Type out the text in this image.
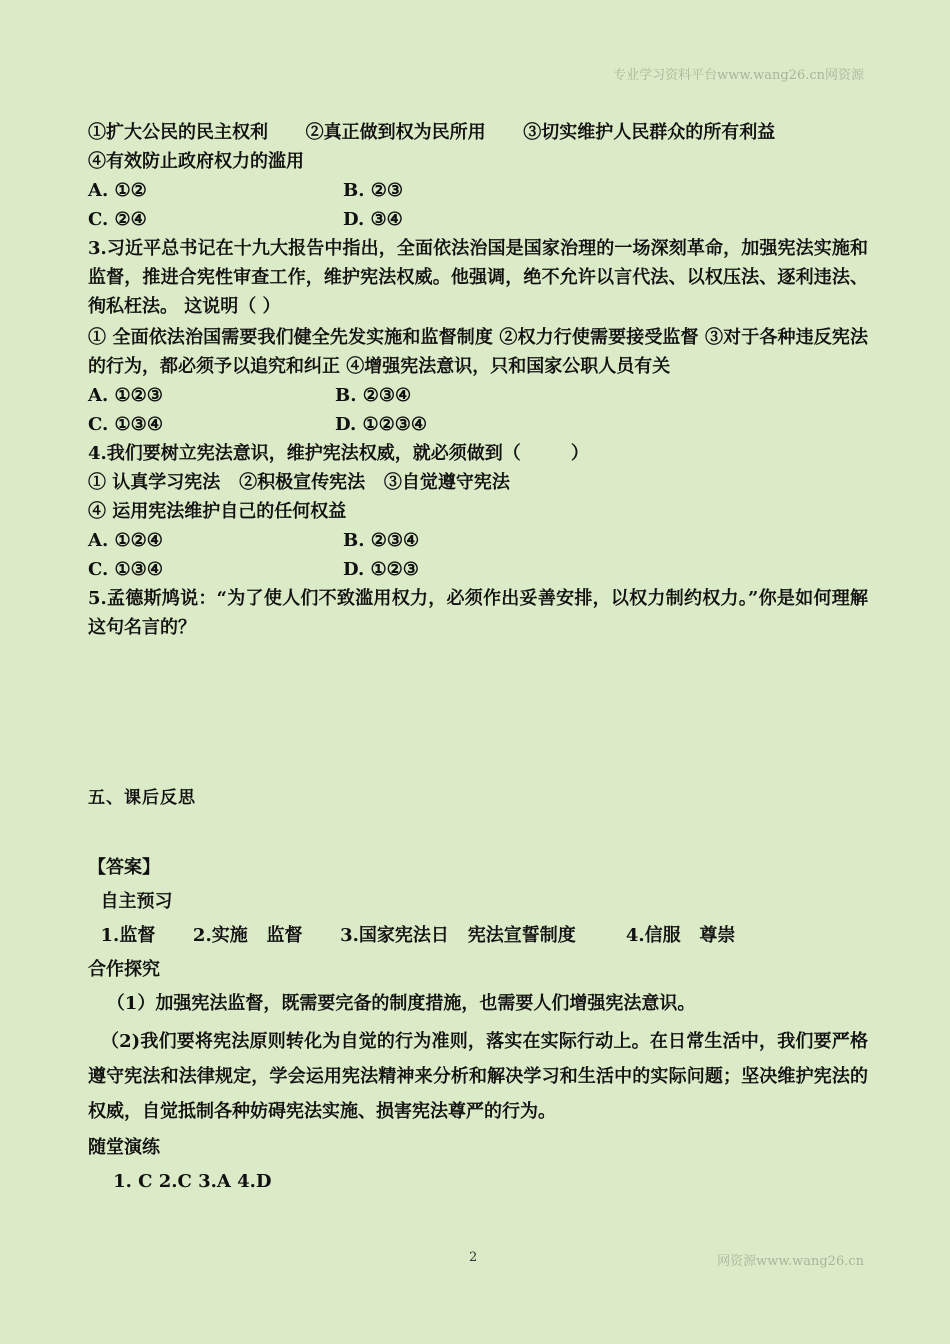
专业学习资料平台www.wang26.cn网资源
①扩大公民的民主权利      ②真正做到权为民所用      ③切实维护人民群众的所有利益
④有效防止政府权力的滥用
A. ①②	B. ②③
C. ②④	D. ③④
3.习近平总书记在十九大报告中指出，全面依法治国是国家治理的一场深刻革命，加强宪法实施和监督，推进合宪性审查工作，维护宪法权威。他强调，绝不允许以言代法、以权压法、逐利违法、徇私枉法。 这说明（ ）
① 全面依法治国需要我们健全先发实施和监督制度 ②权力行使需要接受监督 ③对于各种违反宪法的行为，都必须予以追究和纠正 ④增强宪法意识，只和国家公职人员有关
A. ①②③	B. ②③④
C. ①③④	D. ①②③④
4.我们要树立宪法意识，维护宪法权威，就必须做到（        ）
① 认真学习宪法   ②积极宣传宪法   ③自觉遵守宪法
④ 运用宪法维护自己的任何权益
A. ①②④	B. ②③④
C. ①③④	D. ①②③
5.孟德斯鸠说：“为了使人们不致滥用权力，必须作出妥善安排，以权力制约权力。”你是如何理解这句名言的？
五、课后反思
【答案】
自主预习
1.监督      2.实施   监督      3.国家宪法日   宪法宣誓制度        4.信服   尊崇
合作探究
（1）加强宪法监督，既需要完备的制度措施，也需要人们增强宪法意识。
（2)我们要将宪法原则转化为自觉的行为准则，落实在实际行动上。在日常生活中，我们要严格遵守宪法和法律规定，学会运用宪法精神来分析和解决学习和生活中的实际问题；坚决维护宪法的权威，自觉抵制各种妨碍宪法实施、损害宪法尊严的行为。
随堂演练
1. C 2.C 3.A 4.D
2	网资源www.wang26.cn
